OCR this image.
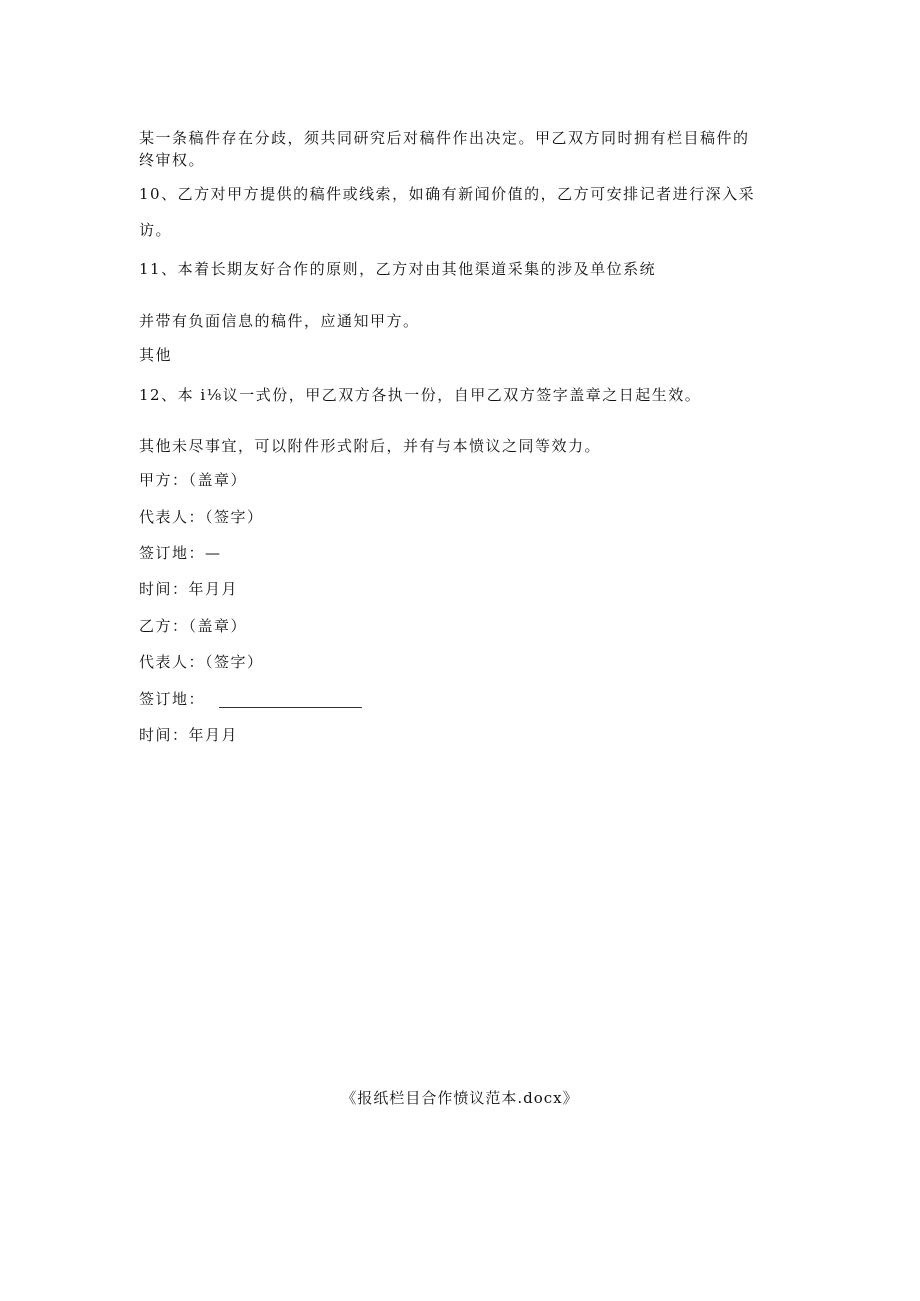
某一条稿件存在分歧，须共同研究后对稿件作出决定。甲乙双方同时拥有栏目稿件的

终审权。

10、乙方对甲方提供的稿件或线索，如确有新闻价值的，乙方可安排记者进行深入采

访。

11、本着长期友好合作的原则，乙方对由其他渠道采集的涉及单位系统

并带有负面信息的稿件，应通知甲方。

其他

12、本 i⅛议一式份，甲乙双方各执一份，自甲乙双方签字盖章之日起生效。

其他未尽事宜，可以附件形式附后，并有与本愤议之同等效力。

甲方：（盖章）

代表人：（签字）

签订地：—

时间：年月月

乙方：（盖章）

代表人：（签字）

签订地：

时间：年月月

《报纸栏目合作愤议范本.docx》
